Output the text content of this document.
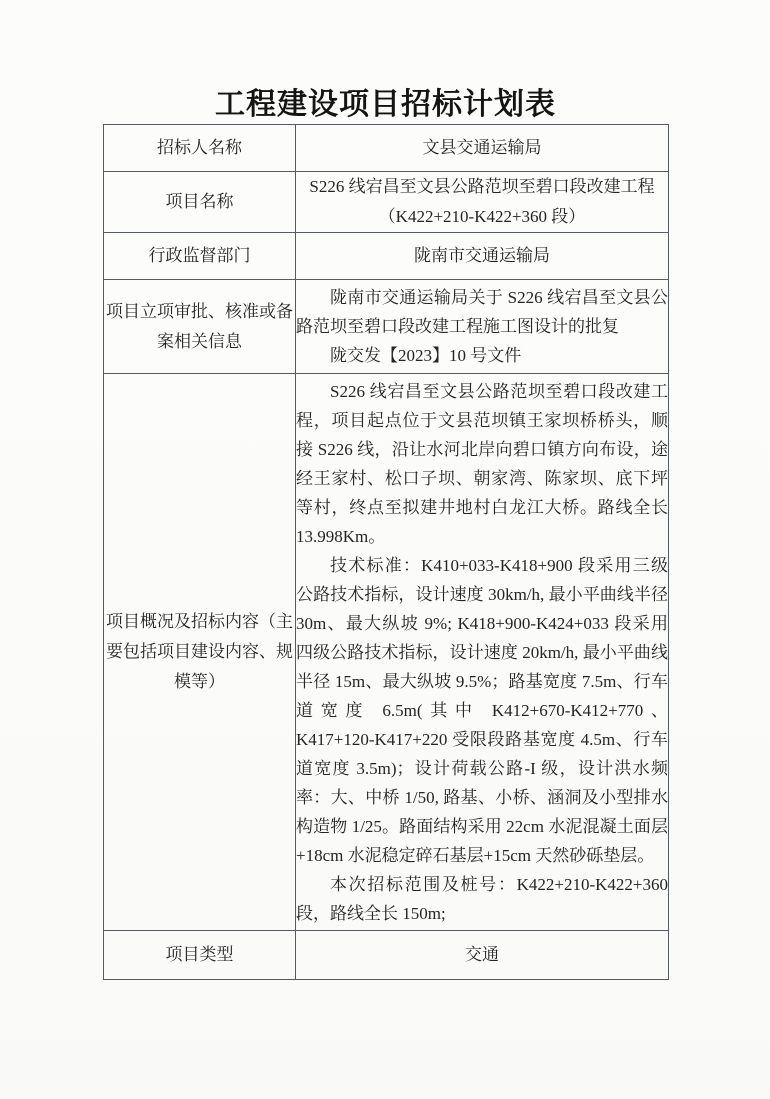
工程建设项目招标计划表
招标人名称	文县交通运输局
项目名称	S226 线宕昌至文县公路范坝至碧口段改建工程
（K422+210-K422+360 段）

行政监督部门	陇南市交通运输局
项目立项审批、核准或备案相关信息	陇南市交通运输局关于 S226 线宕昌至文县公路范坝至碧口段改建工程施工图设计的批复

陇交发【2023】10 号文件

项目概况及招标内容（主要包括项目建设内容、规模等）	S226 线宕昌至文县公路范坝至碧口段改建工程，项目起点位于文县范坝镇王家坝桥桥头，顺接 S226 线，沿让水河北岸向碧口镇方向布设，途经王家村、松口子坝、朝家湾、陈家坝、底下坪等村，终点至拟建井地村白龙江大桥。路线全长 13.998Km。

技术标准：K410+033-K418+900 段采用三级公路技术指标，设计速度 30km/h, 最小平曲线半径 30m、最大纵坡 9%; K418+900-K424+033 段采用四级公路技术指标，设计速度 20km/h, 最小平曲线半径 15m、最大纵坡 9.5%；路基宽度 7.5m、行车道宽度 6.5m(其中 K412+670-K412+770、K417+120-K417+220 受限段路基宽度 4.5m、行车道宽度 3.5m)；设计荷载公路-I 级，设计洪水频率：大、中桥 1/50, 路基、小桥、涵洞及小型排水构造物 1/25。路面结构采用 22cm 水泥混凝土面层+18cm 水泥稳定碎石基层+15cm 天然砂砾垫层。

本次招标范围及桩号：K422+210-K422+360 段，路线全长 150m;

项目类型	交通
